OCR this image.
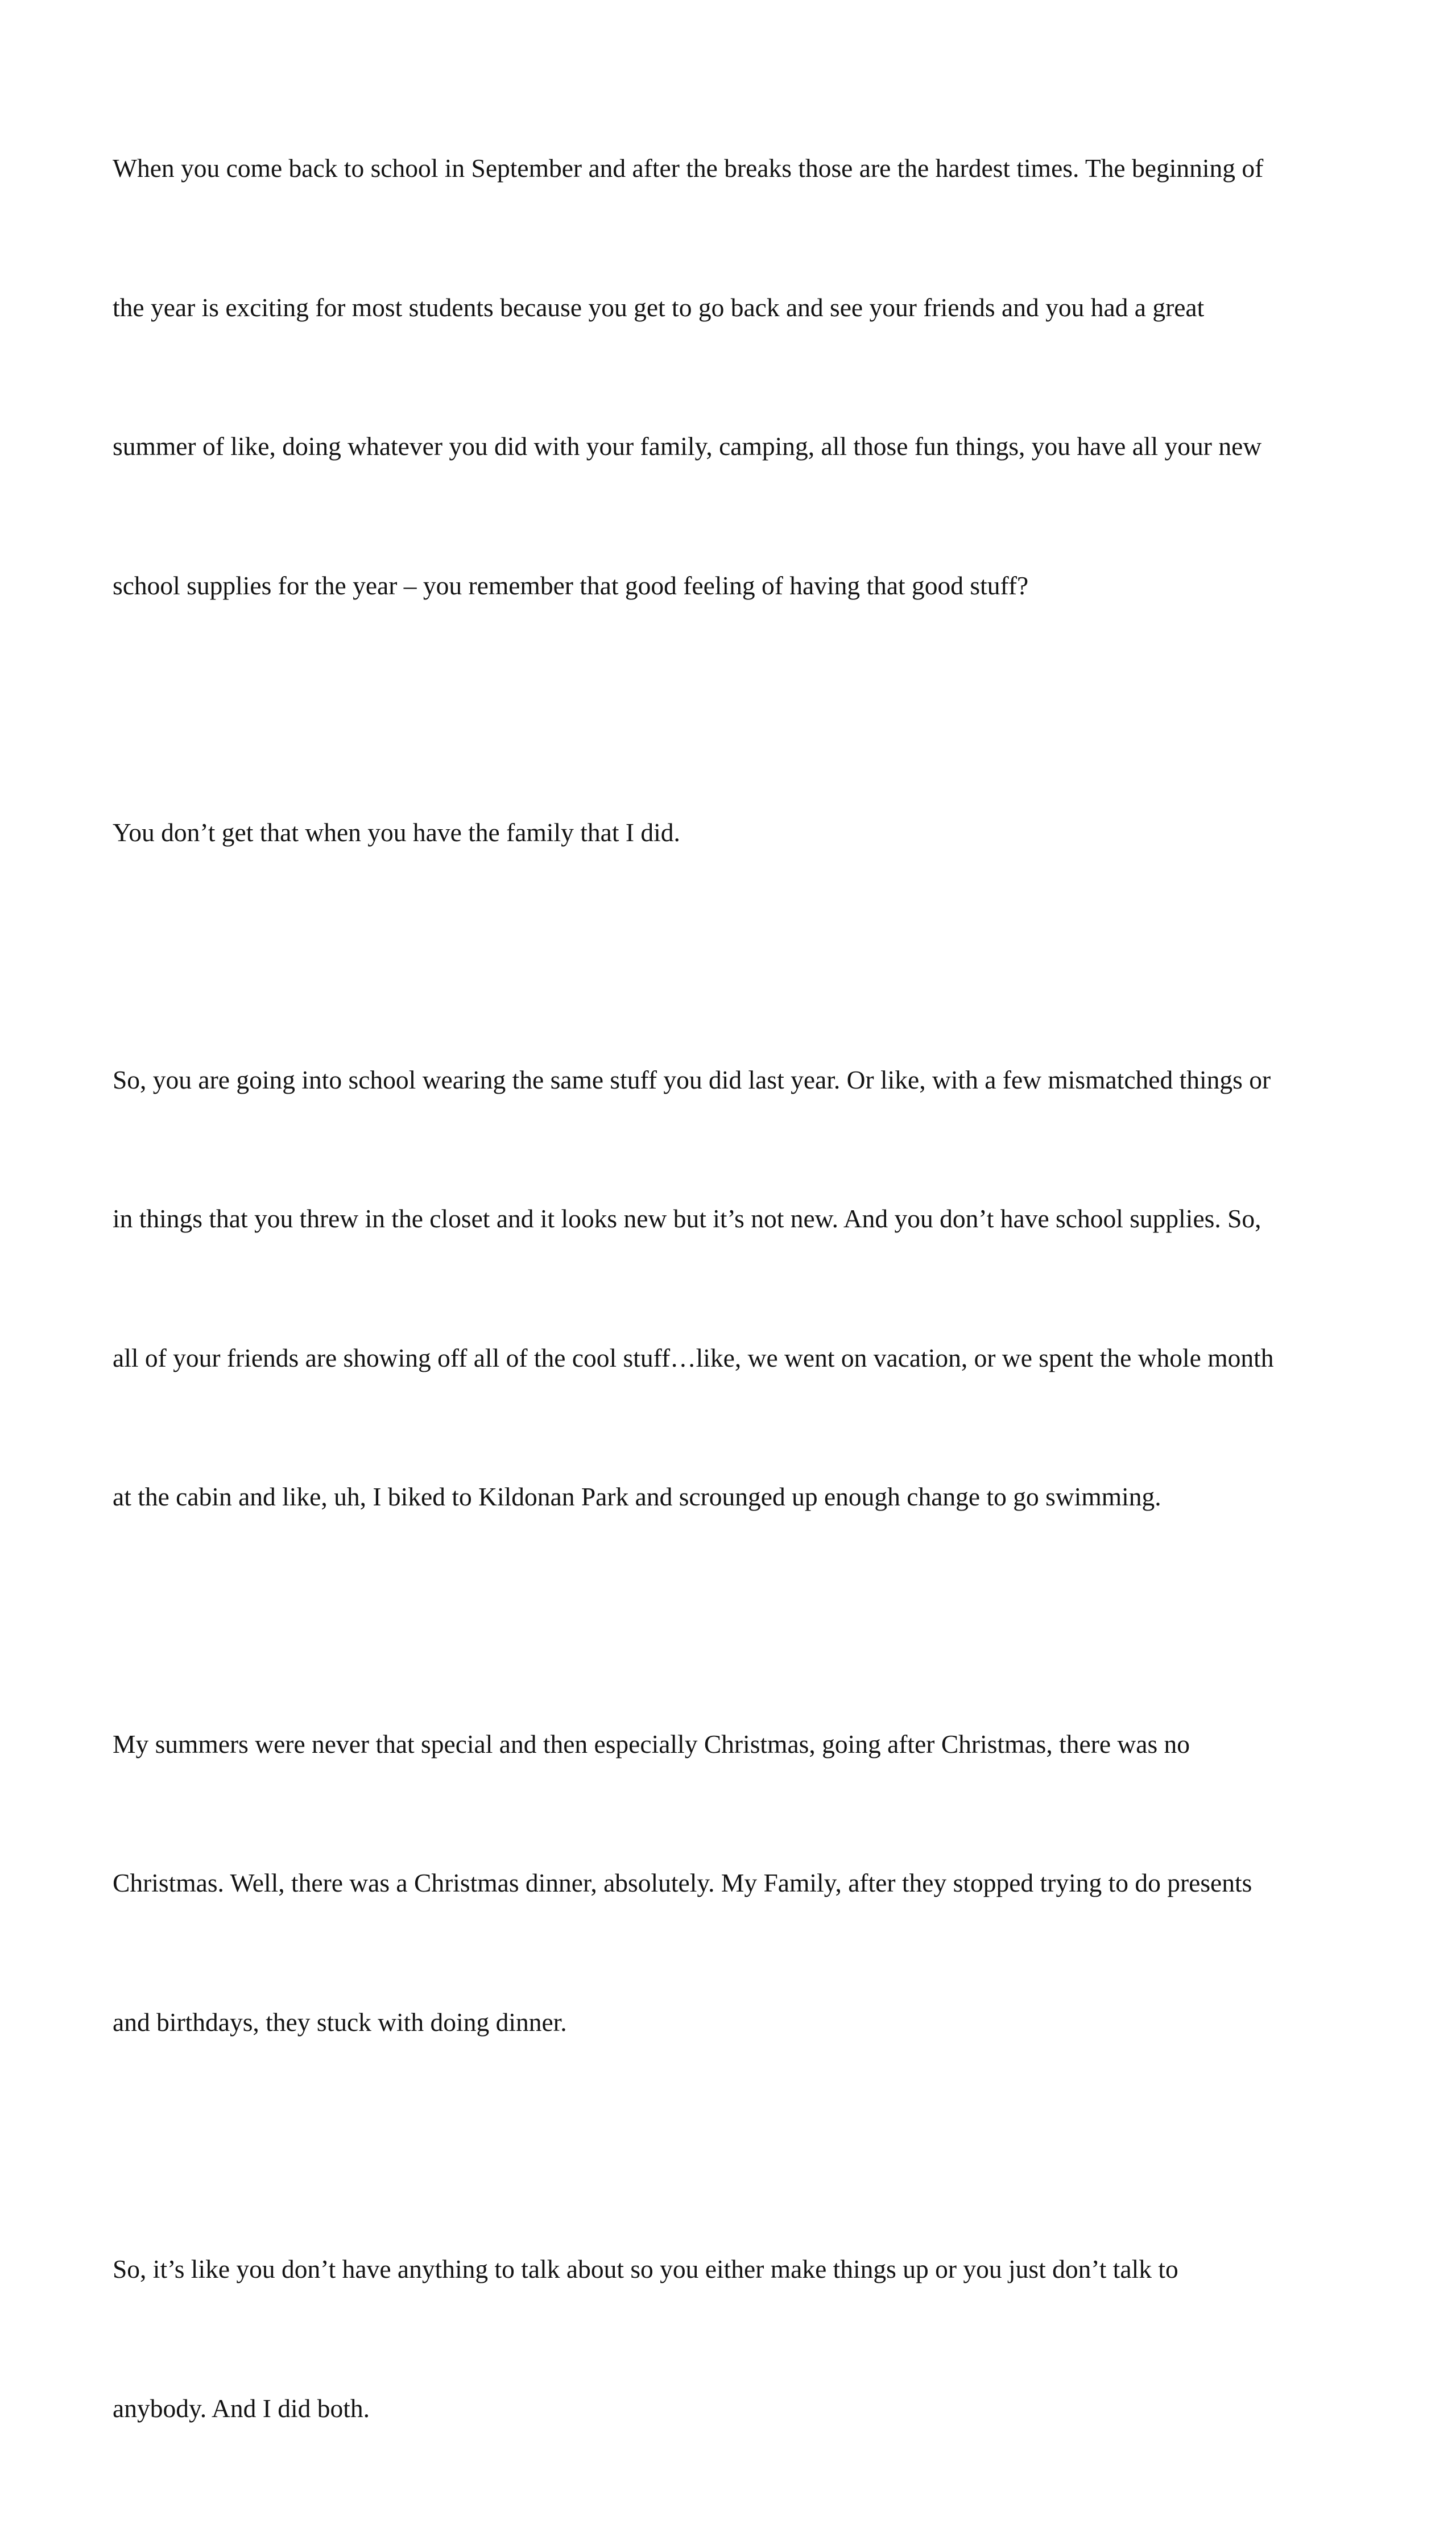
When you come back to school in September and after the breaks those are the hardest times. The beginning of

the year is exciting for most students because you get to go back and see your friends and you had a great

summer of like, doing whatever you did with your family, camping, all those fun things, you have all your new

school supplies for the year – you remember that good feeling of having that good stuff?

You don’t get that when you have the family that I did.

So, you are going into school wearing the same stuff you did last year. Or like, with a few mismatched things or

in things that you threw in the closet and it looks new but it’s not new. And you don’t have school supplies. So,

all of your friends are showing off all of the cool stuff…like, we went on vacation, or we spent the whole month

at the cabin and like, uh, I biked to Kildonan Park and scrounged up enough change to go swimming.

My summers were never that special and then especially Christmas, going after Christmas, there was no

Christmas. Well, there was a Christmas dinner, absolutely. My Family, after they stopped trying to do presents

and birthdays, they stuck with doing dinner.

So, it’s like you don’t have anything to talk about so you either make things up or you just don’t talk to

anybody. And I did both.
